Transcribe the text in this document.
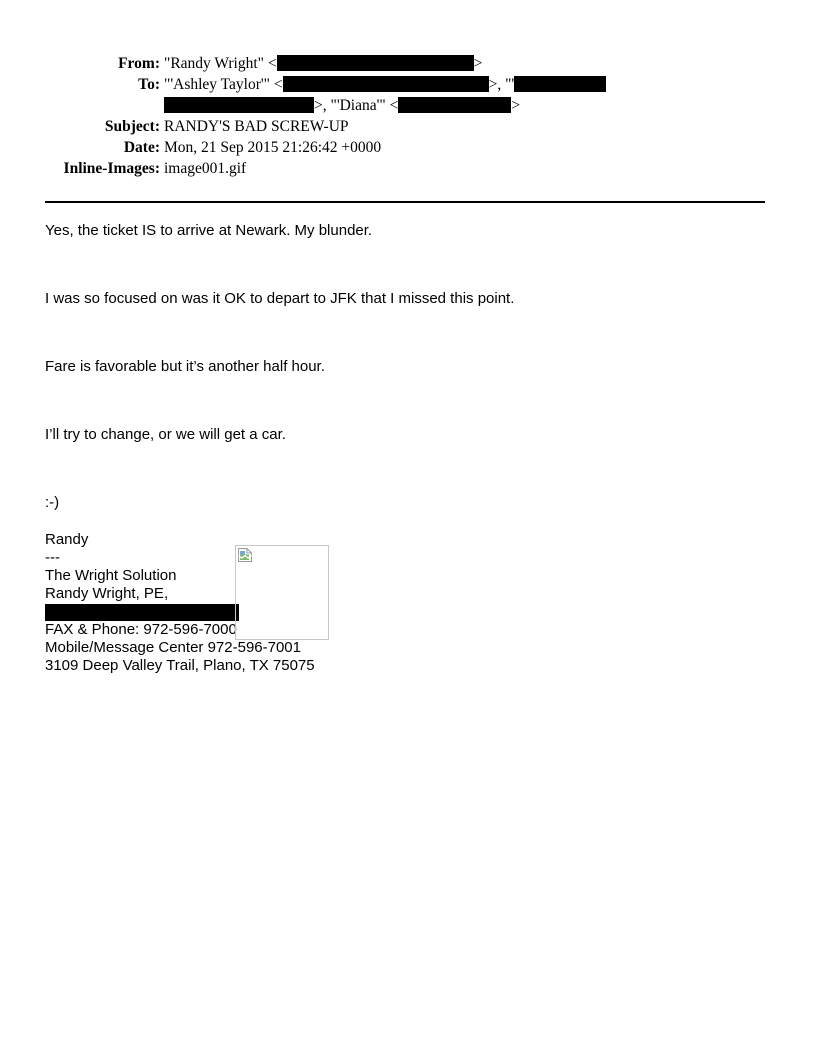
From: "Randy Wright" <	>
To: "'Ashley Taylor'" <	>, "'
>, "'Diana'" <	>
Subject: RANDY'S BAD SCREW-UP
Date: Mon, 21 Sep 2015 21:26:42 +0000
Inline-Images: image001.gif
Yes, the ticket IS to arrive at Newark. My blunder.
I was so focused on was it OK to depart to JFK that I missed this point.
Fare is favorable but it’s another half hour.
I’ll try to change, or we will get a car.
:-)
Randy
---
The Wright Solution
Randy Wright, PE,
FAX & Phone: 972-596-7000
Mobile/Message Center 972-596-7001
3109 Deep Valley Trail, Plano, TX 75075
